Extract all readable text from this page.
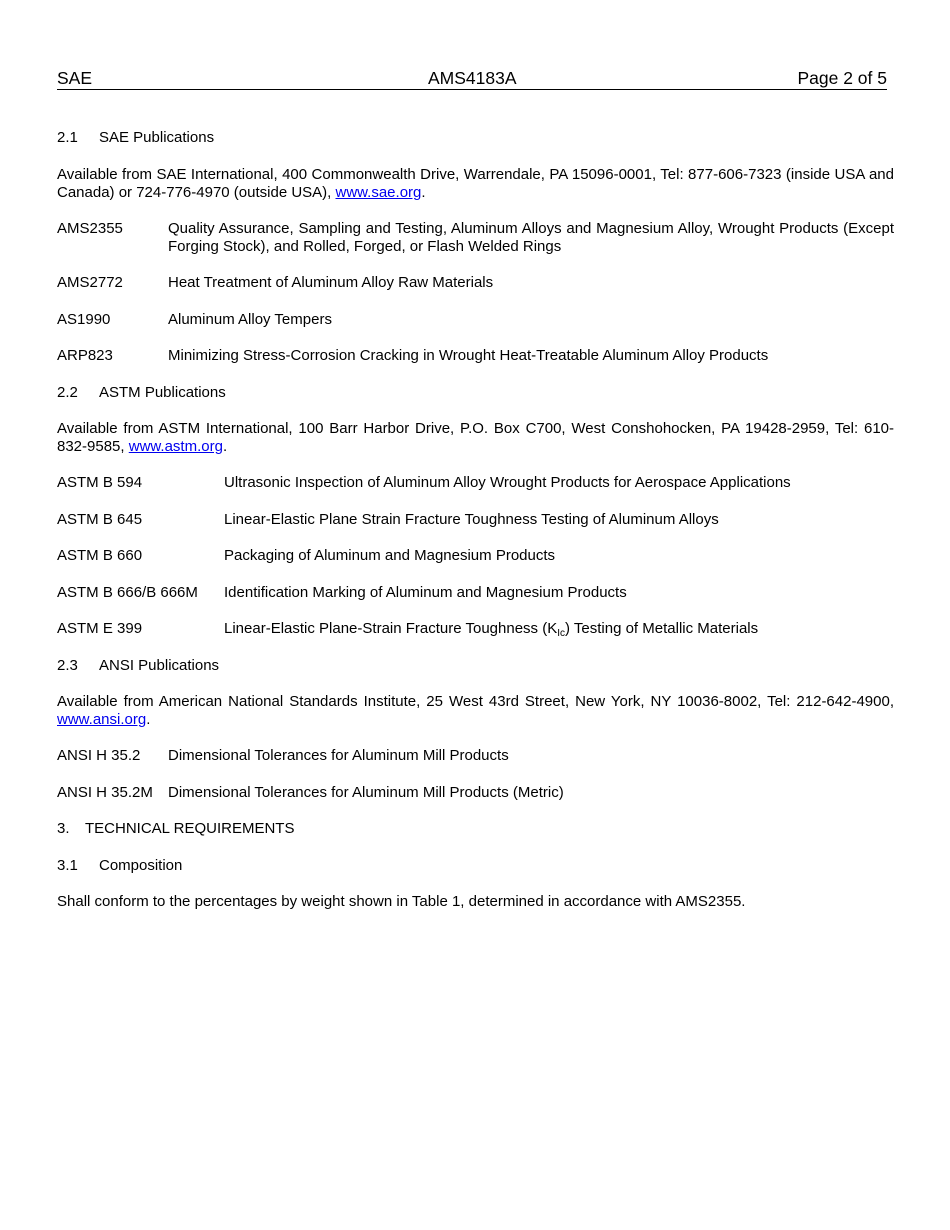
SAE	AMS4183A	Page 2 of 5
2.1 SAE Publications
Available from SAE International, 400 Commonwealth Drive, Warrendale, PA 15096-0001, Tel: 877-606-7323 (inside USA and Canada) or 724-776-4970 (outside USA), www.sae.org.
AMS2355	Quality Assurance, Sampling and Testing, Aluminum Alloys and Magnesium Alloy, Wrought Products (Except Forging Stock), and Rolled, Forged, or Flash Welded Rings
AMS2772	Heat Treatment of Aluminum Alloy Raw Materials
AS1990	Aluminum Alloy Tempers
ARP823	Minimizing Stress-Corrosion Cracking in Wrought Heat-Treatable Aluminum Alloy Products
2.2 ASTM Publications
Available from ASTM International, 100 Barr Harbor Drive, P.O. Box C700, West Conshohocken, PA 19428-2959, Tel: 610-832-9585, www.astm.org.
ASTM B 594	Ultrasonic Inspection of Aluminum Alloy Wrought Products for Aerospace Applications
ASTM B 645	Linear-Elastic Plane Strain Fracture Toughness Testing of Aluminum Alloys
ASTM B 660	Packaging of Aluminum and Magnesium Products
ASTM B 666/B 666M Identification Marking of Aluminum and Magnesium Products
ASTM E 399	Linear-Elastic Plane-Strain Fracture Toughness $(K_{Ic})$ Testing of Metallic Materials
2.3 ANSI Publications
Available from American National Standards Institute, 25 West 43rd Street, New York, NY 10036-8002, Tel: 212-642-4900, www.ansi.org.
ANSI H 35.2 Dimensional Tolerances for Aluminum Mill Products
ANSI H 35.2M Dimensional Tolerances for Aluminum Mill Products (Metric)
3. TECHNICAL REQUIREMENTS
3.1 Composition
Shall conform to the percentages by weight shown in Table 1, determined in accordance with AMS2355.
